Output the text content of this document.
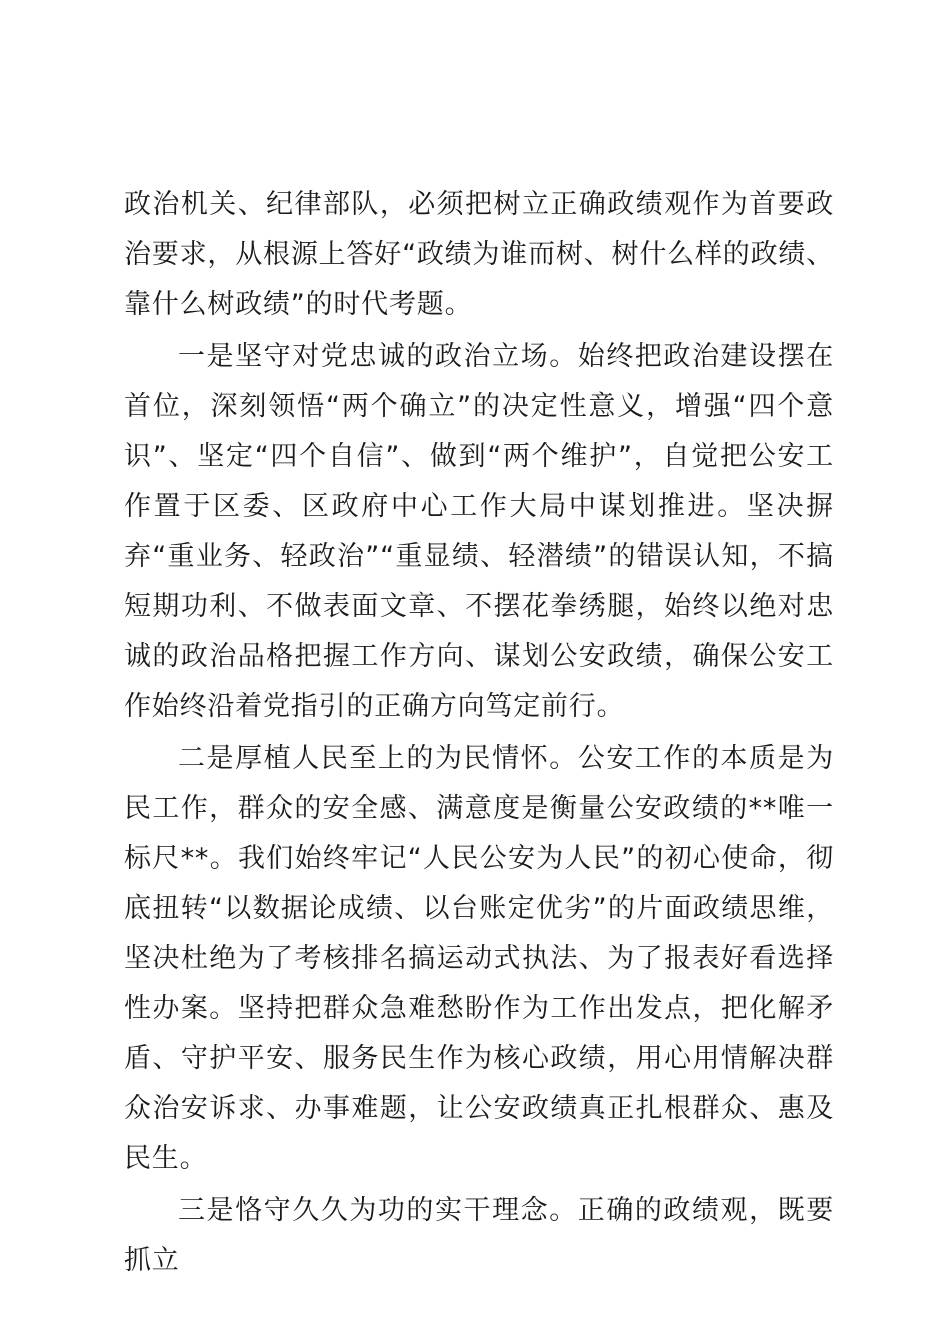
政治机关、纪律部队，必须把树立正确政绩观作为首要政治要求，从根源上答好“政绩为谁而树、树什么样的政绩、靠什么树政绩”的时代考题。

一是坚守对党忠诚的政治立场。始终把政治建设摆在首位，深刻领悟“两个确立”的决定性意义，增强“四个意识”、坚定“四个自信”、做到“两个维护”，自觉把公安工作置于区委、区政府中心工作大局中谋划推进。坚决摒弃“重业务、轻政治”“重显绩、轻潜绩”的错误认知，不搞短期功利、不做表面文章、不摆花拳绣腿，始终以绝对忠诚的政治品格把握工作方向、谋划公安政绩，确保公安工作始终沿着党指引的正确方向笃定前行。

二是厚植人民至上的为民情怀。公安工作的本质是为民工作，群众的安全感、满意度是衡量公安政绩的**唯一标尺**。我们始终牢记“人民公安为人民”的初心使命，彻底扭转“以数据论成绩、以台账定优劣”的片面政绩思维，坚决杜绝为了考核排名搞运动式执法、为了报表好看选择性办案。坚持把群众急难愁盼作为工作出发点，把化解矛盾、守护平安、服务民生作为核心政绩，用心用情解决群众治安诉求、办事难题，让公安政绩真正扎根群众、惠及民生。

三是恪守久久为功的实干理念。正确的政绩观，既要抓立
